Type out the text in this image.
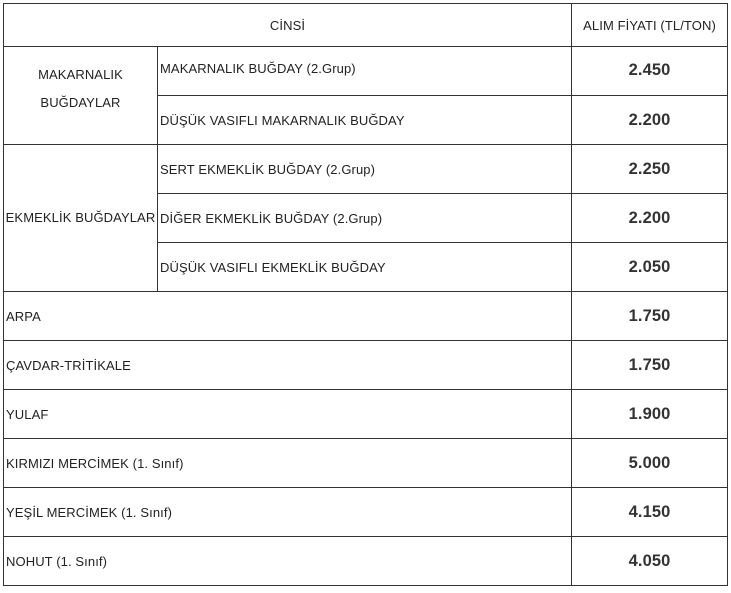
CİNSİ		ALIM FİYATI (TL/TON)
MAKARNALIK
BUĞDAYLAR	MAKARNALIK BUĞDAY (2.Grup)	2.450
	DÜŞÜK VASIFLI MAKARNALIK BUĞDAY	2.200
EKMEKLİK BUĞDAYLAR	SERT EKMEKLİK BUĞDAY (2.Grup)	2.250
	DİĞER EKMEKLİK BUĞDAY (2.Grup)	2.200
	DÜŞÜK VASIFLI EKMEKLİK BUĞDAY	2.050
ARPA		1.750
ÇAVDAR-TRİTİKALE		1.750
YULAF		1.900
KIRMIZI MERCİMEK (1. Sınıf)		5.000
YEŞİL MERCİMEK (1. Sınıf)		4.150
NOHUT (1. Sınıf)		4.050
